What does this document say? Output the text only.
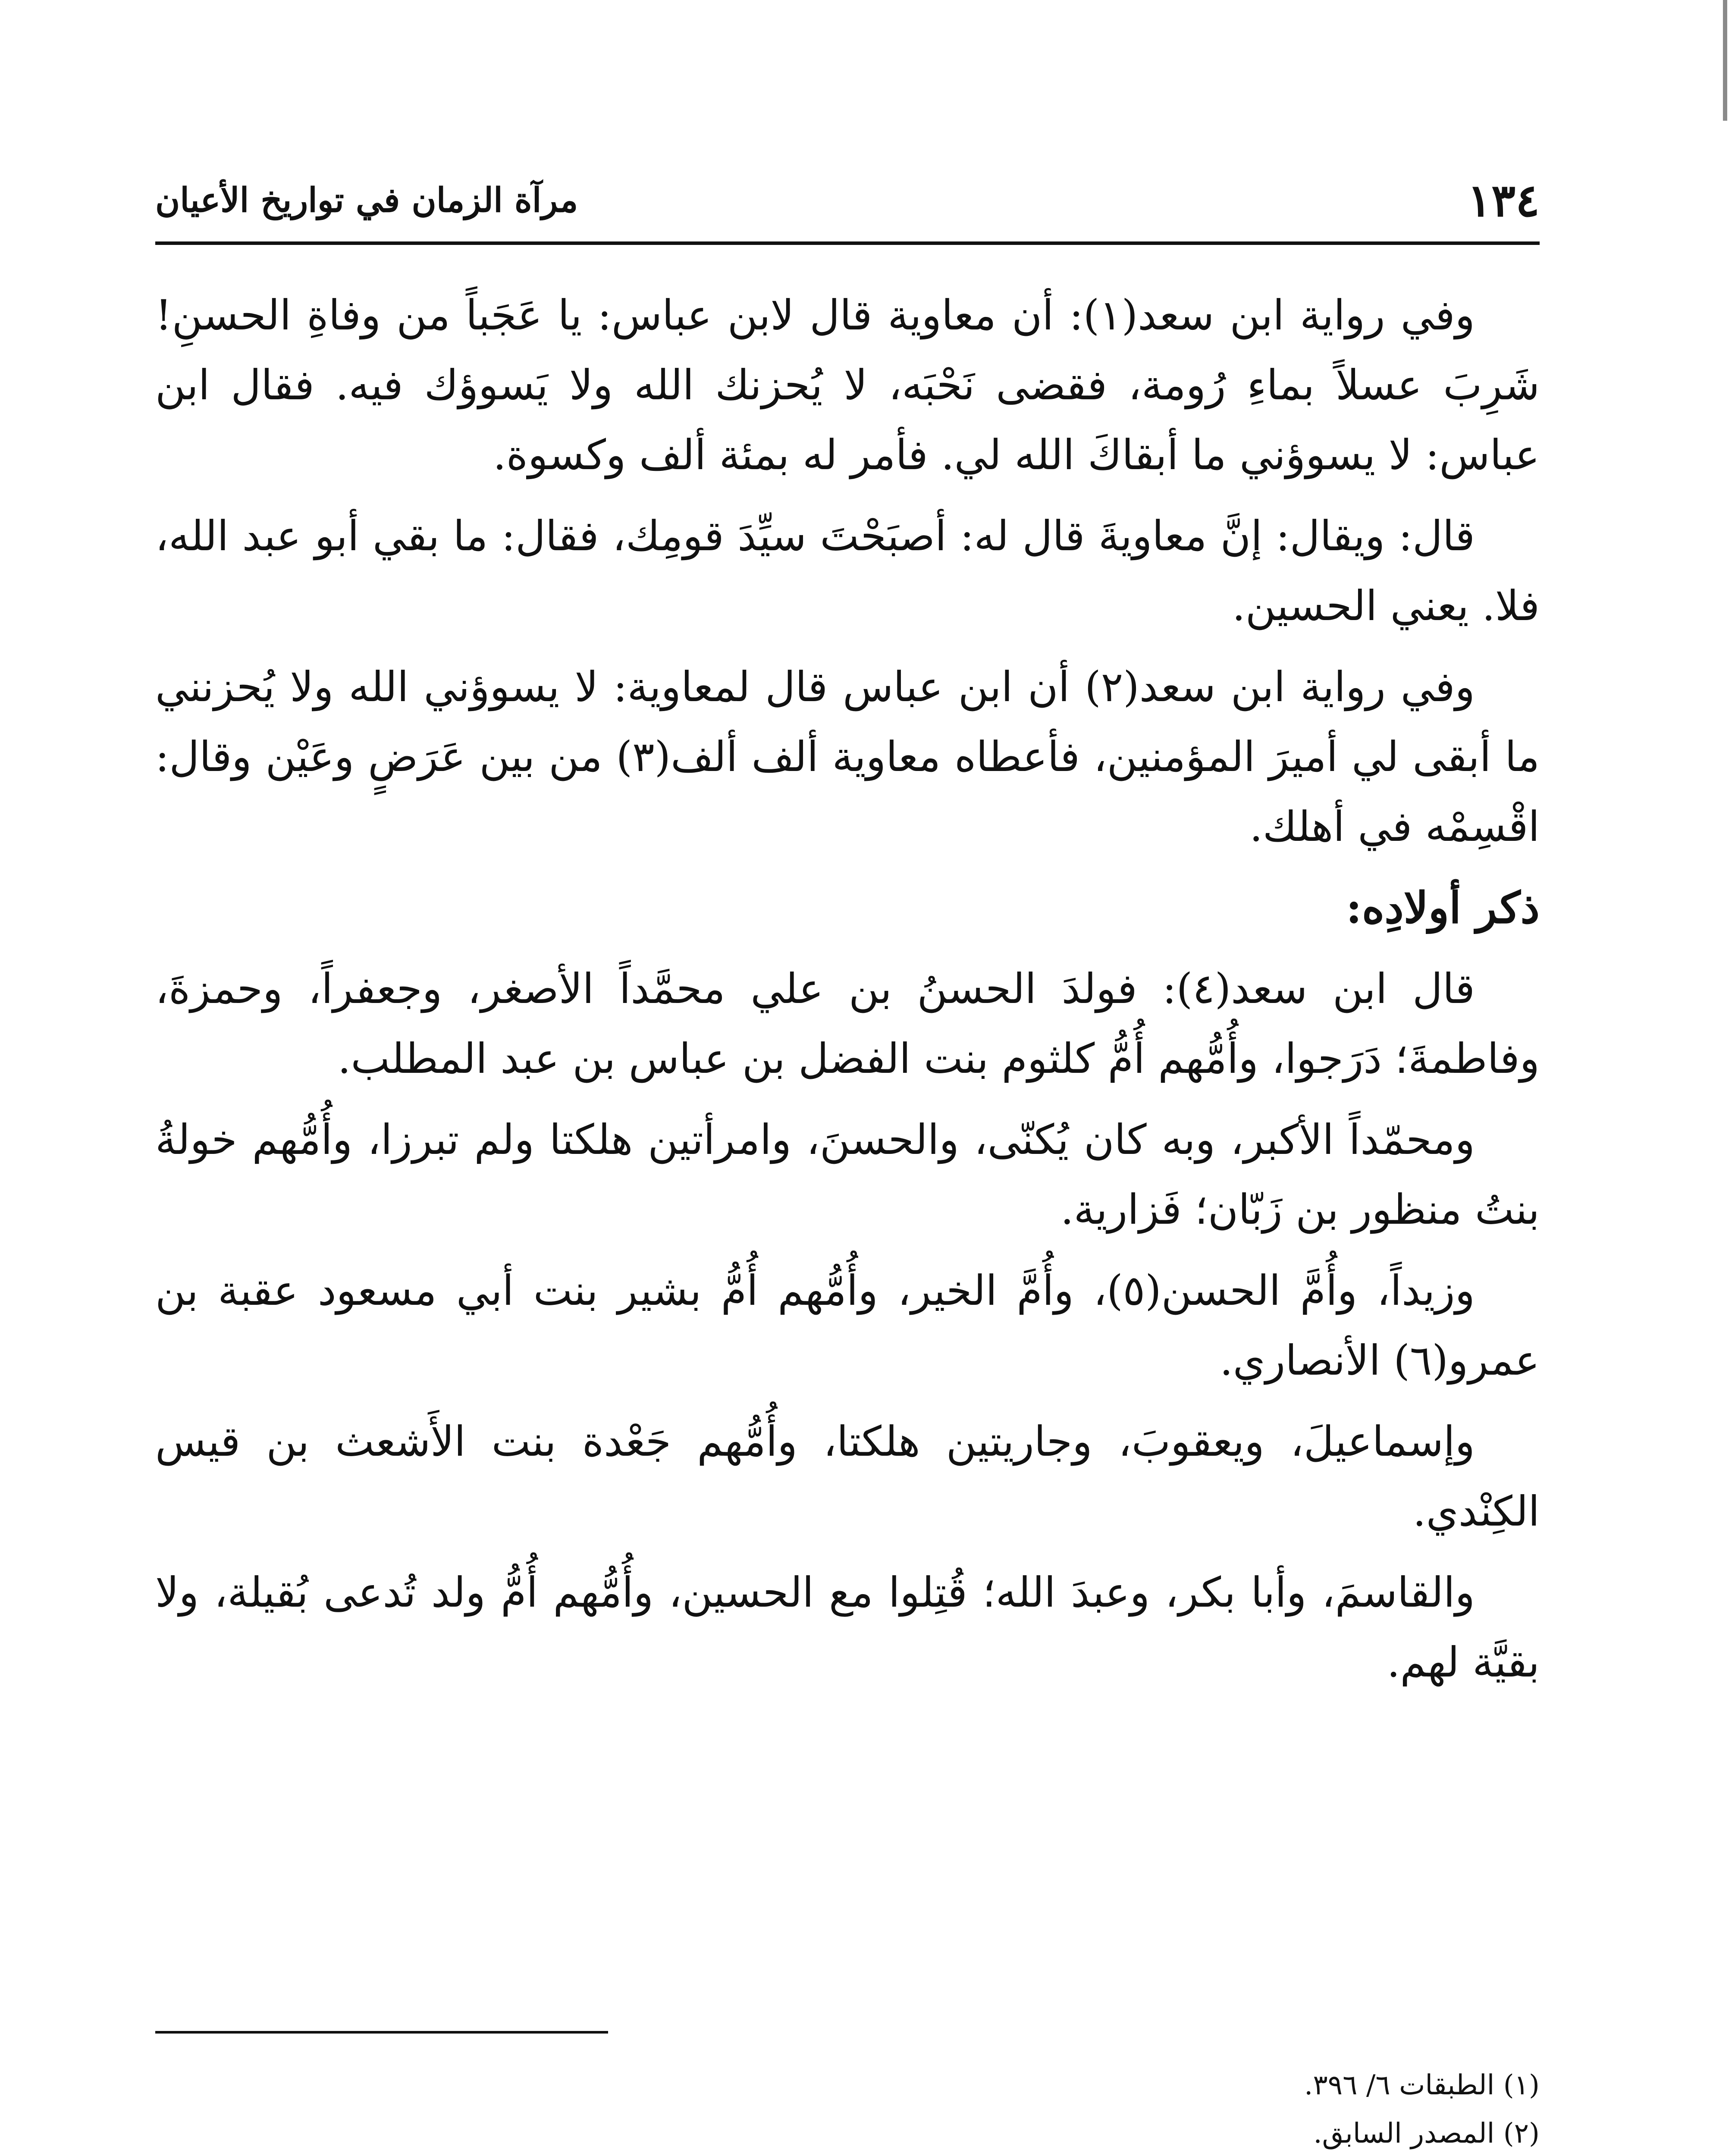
١٣٤
مرآة الزمان في تواريخ الأعيان

وفي رواية ابن سعد(١): أن معاوية قال لابن عباس: يا عَجَباً من وفاةِ الحسنِ! شَرِبَ عسلاً بماءِ رُومة، فقضى نَحْبَه، لا يُحزنك الله ولا يَسوؤك فيه. فقال ابن عباس: لا يسوؤني ما أبقاكَ الله لي. فأمر له بمئة ألف وكسوة.

قال: ويقال: إنَّ معاويةَ قال له: أصبَحْتَ سيِّدَ قومِك، فقال: ما بقي أبو عبد الله، فلا. يعني الحسين.

وفي رواية ابن سعد(٢) أن ابن عباس قال لمعاوية: لا يسوؤني الله ولا يُحزنني ما أبقى لي أميرَ المؤمنين، فأعطاه معاوية ألف ألف(٣) من بين عَرَضٍ وعَيْن وقال: اقْسِمْه في أهلك.

ذكر أولادِه:

قال ابن سعد(٤): فولدَ الحسنُ بن علي محمَّداً الأصغر، وجعفراً، وحمزةَ، وفاطمةَ؛ دَرَجوا، وأُمُّهم أُمُّ كلثوم بنت الفضل بن عباس بن عبد المطلب.

ومحمّداً الأكبر، وبه كان يُكنّى، والحسنَ، وامرأتين هلكتا ولم تبرزا، وأُمُّهم خولةُ بنتُ منظور بن زَبّان؛ فَزارية.

وزيداً، وأُمَّ الحسن(٥)، وأُمَّ الخير، وأُمُّهم أُمُّ بشير بنت أبي مسعود عقبة بن عمرو(٦) الأنصاري.

وإسماعيلَ، ويعقوبَ، وجاريتين هلكتا، وأُمُّهم جَعْدة بنت الأَشعث بن قيس الكِنْدي.

والقاسمَ، وأبا بكر، وعبدَ الله؛ قُتِلوا مع الحسين، وأُمُّهم أُمُّ ولد تُدعى بُقيلة، ولا بقيَّة لهم.

(١) الطبقات ٦/ ٣٩٦.
(٢) المصدر السابق.
